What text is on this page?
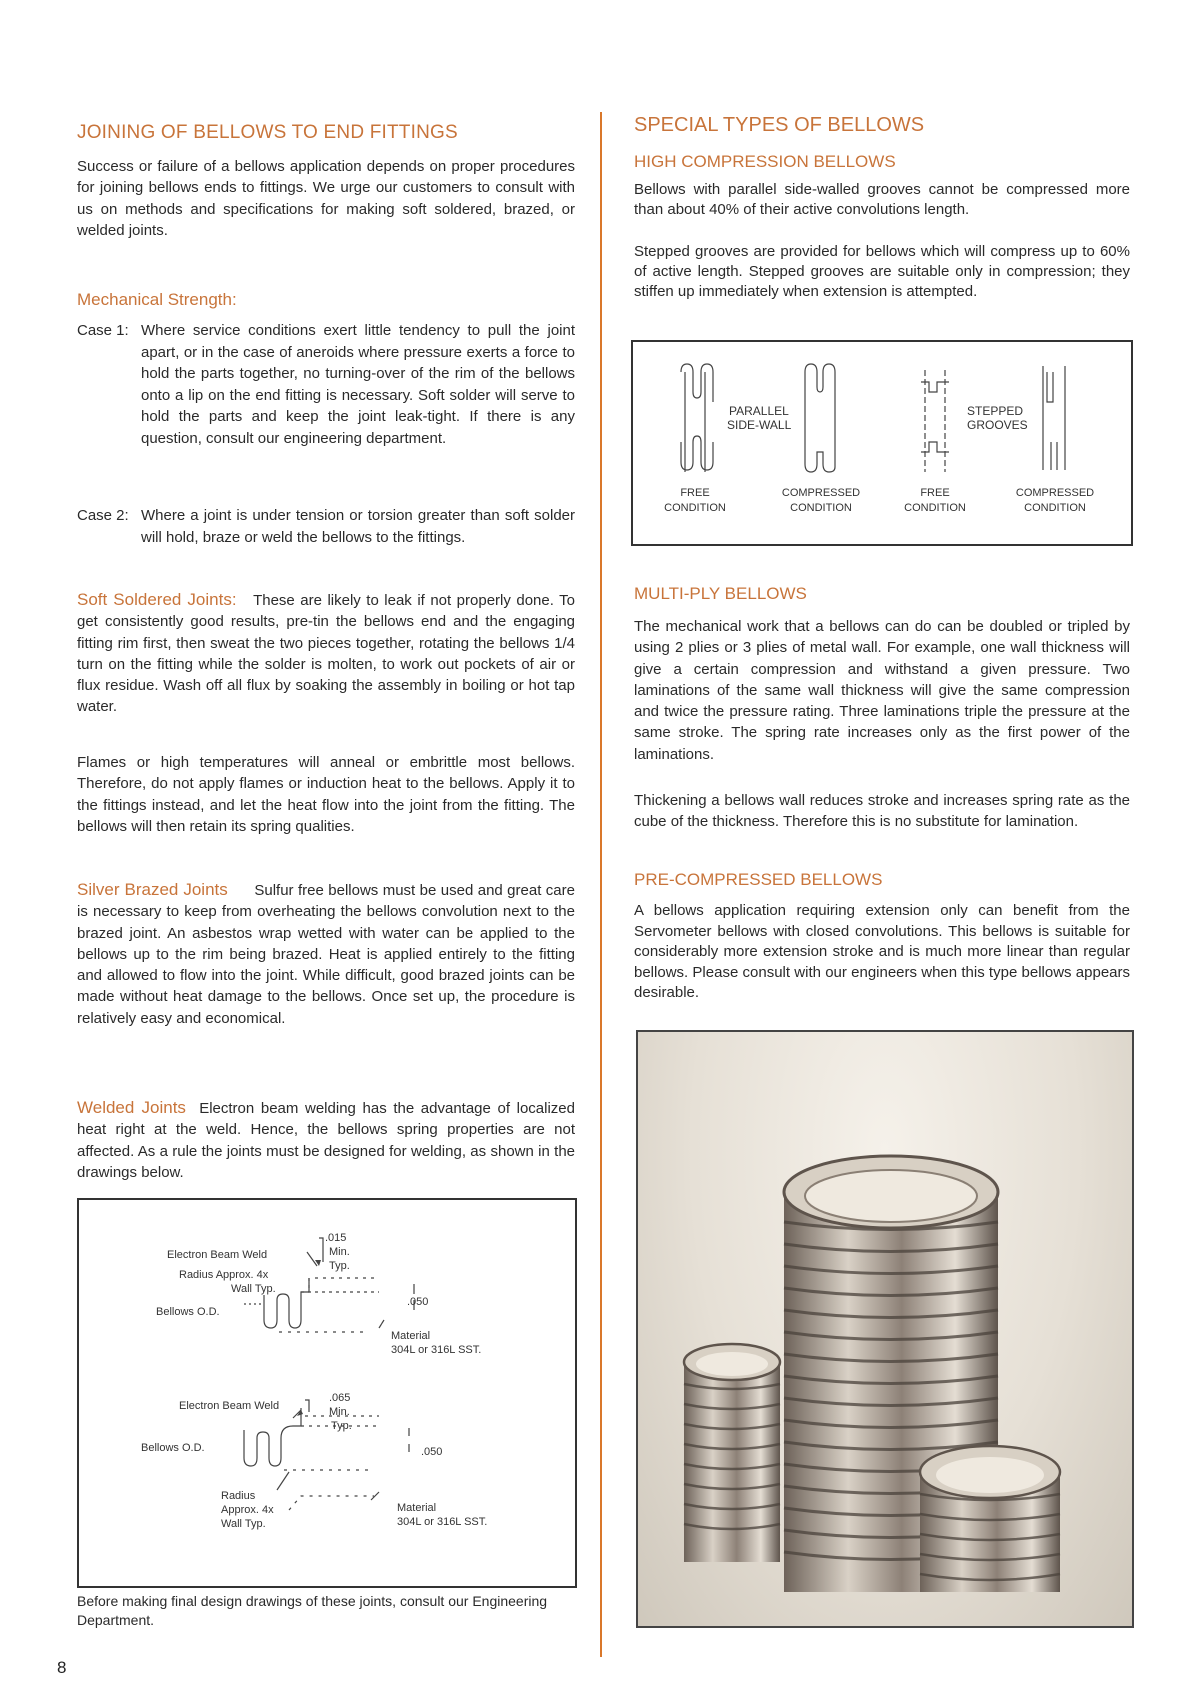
JOINING OF BELLOWS TO END FITTINGS

Success or failure of a bellows application depends on proper procedures for joining bellows ends to fittings. We urge our customers to consult with us on methods and specifications for making soft soldered, brazed, or welded joints.

Mechanical Strength:
Case 1: Where service conditions exert little tendency to pull the joint apart, or in the case of aneroids where pressure exerts a force to hold the parts together, no turning-over of the rim of the bellows onto a lip on the end fitting is necessary. Soft solder will serve to hold the parts and keep the joint leak-tight. If there is any question, consult our engineering department.
Case 2: Where a joint is under tension or torsion greater than soft solder will hold, braze or weld the bellows to the fittings.

Soft Soldered Joints: These are likely to leak if not properly done. To get consistently good results, pre-tin the bellows end and the engaging fitting rim first, then sweat the two pieces together, rotating the bellows 1/4 turn on the fitting while the solder is molten, to work out pockets of air or flux residue. Wash off all flux by soaking the assembly in boiling or hot tap water.

Flames or high temperatures will anneal or embrittle most bellows. Therefore, do not apply flames or induction heat to the bellows. Apply it to the fittings instead, and let the heat flow into the joint from the fitting. The bellows will then retain its spring qualities.

Silver Brazed Joints Sulfur free bellows must be used and great care is necessary to keep from overheating the bellows convolution next to the brazed joint. An asbestos wrap wetted with water can be applied to the bellows up to the rim being brazed. Heat is applied entirely to the fitting and allowed to flow into the joint. While difficult, good brazed joints can be made without heat damage to the bellows. Once set up, the procedure is relatively easy and economical.

Welded Joints Electron beam welding has the advantage of localized heat right at the weld. Hence, the bellows spring properties are not affected. As a rule the joints must be designed for welding, as shown in the drawings below.

Electron Beam Weld
.015
Min.
Typ.
Radius Approx. 4x
Wall Typ.
.050
Bellows O.D.
Material
304L or 316L SST.
Electron Beam Weld
.065
Min.
Typ.
Bellows O.D.	.050
Radius
Approx. 4x
Wall Typ.
Material
304L or 316L SST.

Before making final design drawings of these joints, consult our Engineering Department.

SPECIAL TYPES OF BELLOWS
HIGH COMPRESSION BELLOWS

Bellows with parallel side-walled grooves cannot be compressed more than about 40% of their active convolutions length.

Stepped grooves are provided for bellows which will compress up to 60% of active length. Stepped grooves are suitable only in compression; they stiffen up immediately when extension is attempted.

PARALLEL
SIDE-WALL
STEPPED
GROOVES
FREE
CONDITION
COMPRESSED
CONDITION
FREE
CONDITION
COMPRESSED
CONDITION
MULTI-PLY BELLOWS

The mechanical work that a bellows can do can be doubled or tripled by using 2 plies or 3 plies of metal wall. For example, one wall thickness will give a certain compression and withstand a given pressure. Two laminations of the same wall thickness will give the same compression and twice the pressure rating. Three laminations triple the pressure at the same stroke. The spring rate increases only as the first power of the laminations.

Thickening a bellows wall reduces stroke and increases spring rate as the cube of the thickness. Therefore this is no substitute for lamination.

PRE-COMPRESSED BELLOWS

A bellows application requiring extension only can benefit from the Servometer bellows with closed convolutions. This bellows is suitable for considerably more extension stroke and is much more linear than regular bellows. Please consult with our engineers when this type bellows appears desirable.

8
